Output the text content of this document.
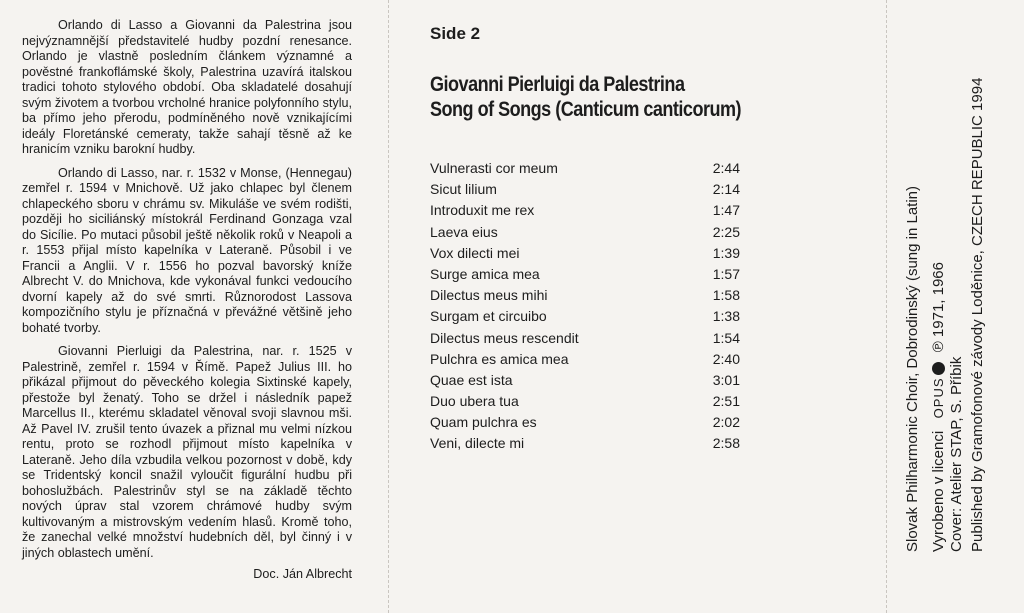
Orlando di Lasso a Giovanni da Palestrina jsou nejvýznamnější představitelé hudby pozdní renesance. Orlando je vlastně posledním článkem významné a pověstné frankoflámské školy, Palestrina uzavírá italskou tradici tohoto stylového období. Oba skladatelé dosahují svým životem a tvorbou vrcholné hranice polyfonního stylu, ba přímo jeho přerodu, podmíněného nově vznikajícími ideály Floretánské cemeraty, takže sahají těsně až ke hranicím vzniku barokní hudby.

Orlando di Lasso, nar. r. 1532 v Monse, (Hennegau) zemřel r. 1594 v Mnichově. Už jako chlapec byl členem chlapeckého sboru v chrámu sv. Mikuláše ve svém rodišti, později ho siciliánský místokrál Ferdinand Gonzaga vzal do Sicílie. Po mutaci působil ještě několik roků v Neapoli a r. 1553 přijal místo kapelníka v Lateraně. Působil i ve Francii a Anglii. V r. 1556 ho pozval bavorský kníže Albrecht V. do Mnichova, kde vykonával funkci vedoucího dvorní kapely až do své smrti. Různorodost Lassova kompozičního stylu je příznačná v převážné většině jeho bohaté tvorby.

Giovanni Pierluigi da Palestrina, nar. r. 1525 v Palestrině, zemřel r. 1594 v Římě. Papež Julius III. ho přikázal přijmout do pěveckého kolegia Sixtinské kapely, přestože byl ženatý. Toho se držel i následník papež Marcellus II., kterému skladatel věnoval svoji slavnou mši. Až Pavel IV. zrušil tento úvazek a přiznal mu velmi nízkou rentu, proto se rozhodl přijmout místo kapelníka v Lateraně. Jeho díla vzbudila velkou pozornost v době, kdy se Tridentský koncil snažil vyloučit figurální hudbu při bohoslužbách. Palestrinův styl se na základě těchto nových úprav stal vzorem chrámové hudby svým kultivovaným a mistrovským vedením hlasů. Kromě toho, že zanechal velké množství hudebních děl, byl činný i v jiných oblastech umění.

Doc. Ján Albrecht
Side 2
Giovanni Pierluigi da Palestrina
Song of Songs (Canticum canticorum)
Vulnerasti cor meum	2:44
Sicut lilium	2:14
Introduxit me rex	1:47
Laeva eius	2:25
Vox dilecti mei	1:39
Surge amica mea	1:57
Dilectus meus mihi	1:58
Surgam et circuibo	1:38
Dilectus meus rescendit	1:54
Pulchra es amica mea	2:40
Quae est ista	3:01
Duo ubera tua	2:51
Quam pulchra es	2:02
Veni, dilecte mi	2:58	Slovak Philharmonic Choir, Dobrodinský (sung in Latin) Vyrobeno v licenci   OPUS ℗ 1971, 1966
Cover: Atelier STAP, S. Příbik Published by Gramofonové závody Loděnice, CZECH REPUBLIC 1994
